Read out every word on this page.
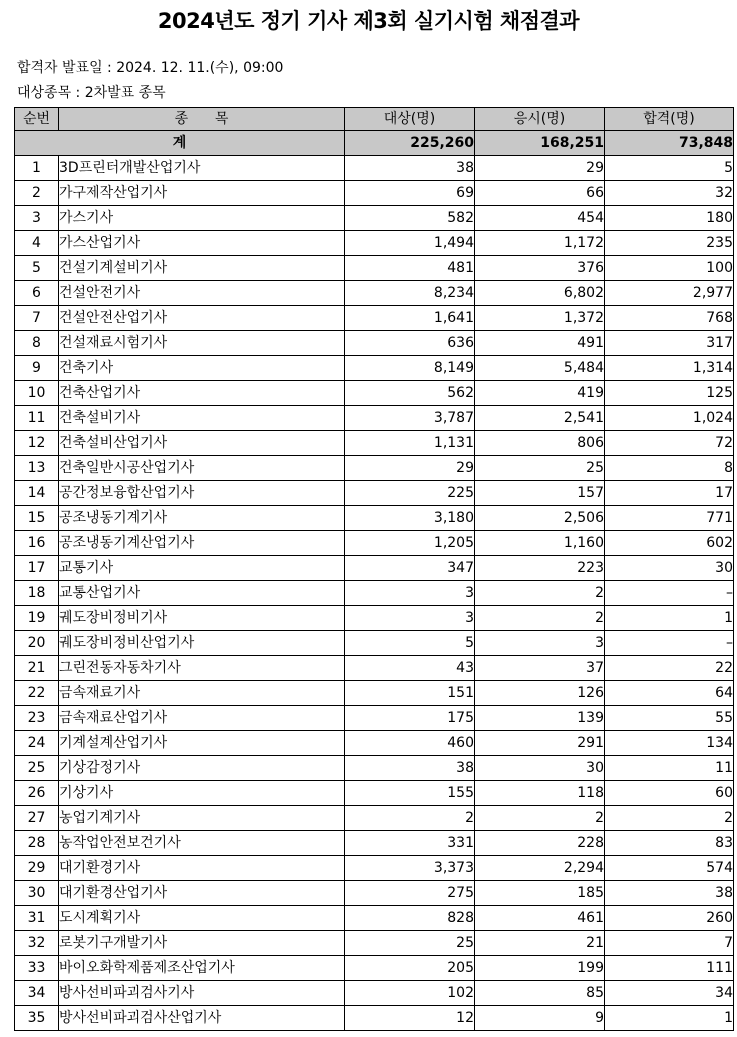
2024년도 정기 기사 제3회 실기시험 채점결과
합격자 발표일 : 2024. 12. 11.(수), 09:00
대상종목 : 2차발표 종목
순번	종      목	대상(명)	응시(명)	합격(명)
계		225,260	168,251	73,848
1	3D프린터개발산업기사	38	29	5
2	가구제작산업기사	69	66	32
3	가스기사	582	454	180
4	가스산업기사	1,494	1,172	235
5	건설기계설비기사	481	376	100
6	건설안전기사	8,234	6,802	2,977
7	건설안전산업기사	1,641	1,372	768
8	건설재료시험기사	636	491	317
9	건축기사	8,149	5,484	1,314
10	건축산업기사	562	419	125
11	건축설비기사	3,787	2,541	1,024
12	건축설비산업기사	1,131	806	72
13	건축일반시공산업기사	29	25	8
14	공간정보융합산업기사	225	157	17
15	공조냉동기계기사	3,180	2,506	771
16	공조냉동기계산업기사	1,205	1,160	602
17	교통기사	347	223	30
18	교통산업기사	3	2	–
19	궤도장비정비기사	3	2	1
20	궤도장비정비산업기사	5	3	–
21	그린전동자동차기사	43	37	22
22	금속재료기사	151	126	64
23	금속재료산업기사	175	139	55
24	기계설계산업기사	460	291	134
25	기상감정기사	38	30	11
26	기상기사	155	118	60
27	농업기계기사	2	2	2
28	농작업안전보건기사	331	228	83
29	대기환경기사	3,373	2,294	574
30	대기환경산업기사	275	185	38
31	도시계획기사	828	461	260
32	로봇기구개발기사	25	21	7
33	바이오화학제품제조산업기사	205	199	111
34	방사선비파괴검사기사	102	85	34
35	방사선비파괴검사산업기사	12	9	1
